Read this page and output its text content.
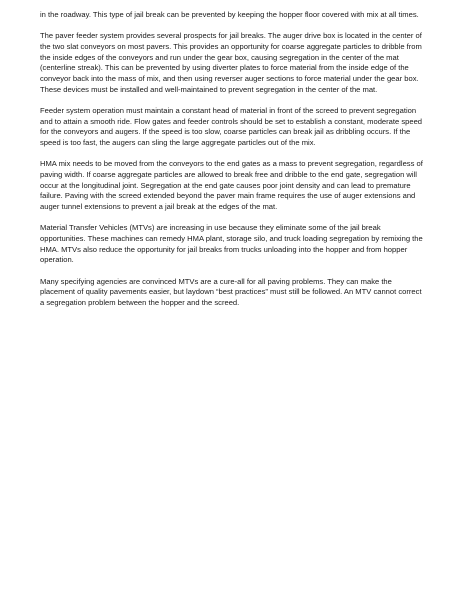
in the roadway. This type of jail break can be prevented by keeping the hopper floor covered with mix at all times.

The paver feeder system provides several prospects for jail breaks. The auger drive box is located in the center of the two slat conveyors on most pavers. This provides an opportunity for coarse aggregate particles to dribble from the inside edges of the conveyors and run under the gear box, causing segregation in the center of the mat (centerline streak). This can be prevented by using diverter plates to force material from the inside edge of the conveyor back into the mass of mix, and then using reverser auger sections to force material under the gear box. These devices must be installed and well-maintained to prevent segregation in the center of the mat.

Feeder system operation must maintain a constant head of material in front of the screed to prevent segregation and to attain a smooth ride. Flow gates and feeder controls should be set to establish a constant, moderate speed for the conveyors and augers. If the speed is too slow, coarse particles can break jail as dribbling occurs. If the speed is too fast, the augers can sling the large aggregate particles out of the mix.

HMA mix needs to be moved from the conveyors to the end gates as a mass to prevent segregation, regardless of paving width. If coarse aggregate particles are allowed to break free and dribble to the end gate, segregation will occur at the longitudinal joint. Segregation at the end gate causes poor joint density and can lead to premature failure. Paving with the screed extended beyond the paver main frame requires the use of auger extensions and auger tunnel extensions to prevent a jail break at the edges of the mat.

Material Transfer Vehicles (MTVs) are increasing in use because they eliminate some of the jail break opportunities. These machines can remedy HMA plant, storage silo, and truck loading segregation by remixing the HMA. MTVs also reduce the opportunity for jail breaks from trucks unloading into the hopper and from hopper operation.

Many specifying agencies are convinced MTVs are a cure-all for all paving problems. They can make the placement of quality pavements easier, but laydown “best practices” must still be followed. An MTV cannot correct a segregation problem between the hopper and the screed.
